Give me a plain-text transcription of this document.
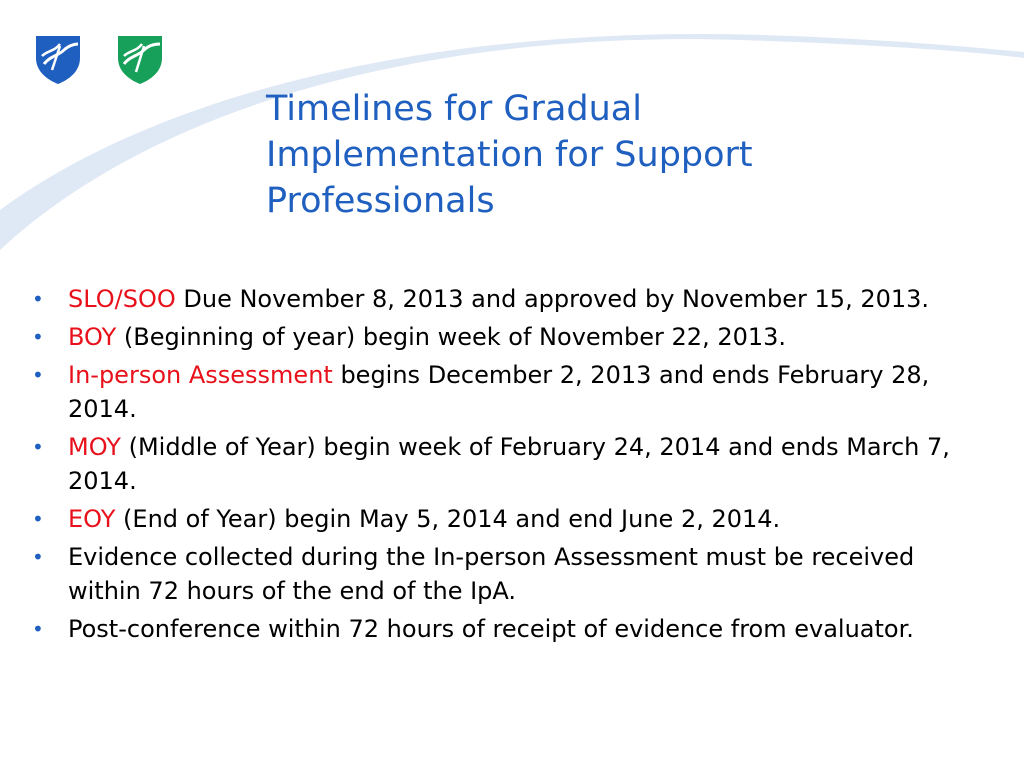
Timelines for Gradual
Implementation for Support
Professionals
• SLO/SOO Due November 8, 2013 and approved by November 15, 2013.
• BOY (Beginning of year) begin week of November 22, 2013.
• In-person Assessment begins December 2, 2013 and ends February 28, 2014.
• MOY (Middle of Year) begin week of February 24, 2014 and ends March 7, 2014.
• EOY (End of Year) begin May 5, 2014 and end June 2, 2014.
• Evidence collected during the In-person Assessment must be received within 72 hours of the end of the IpA.
• Post-conference within 72 hours of receipt of evidence from evaluator.
